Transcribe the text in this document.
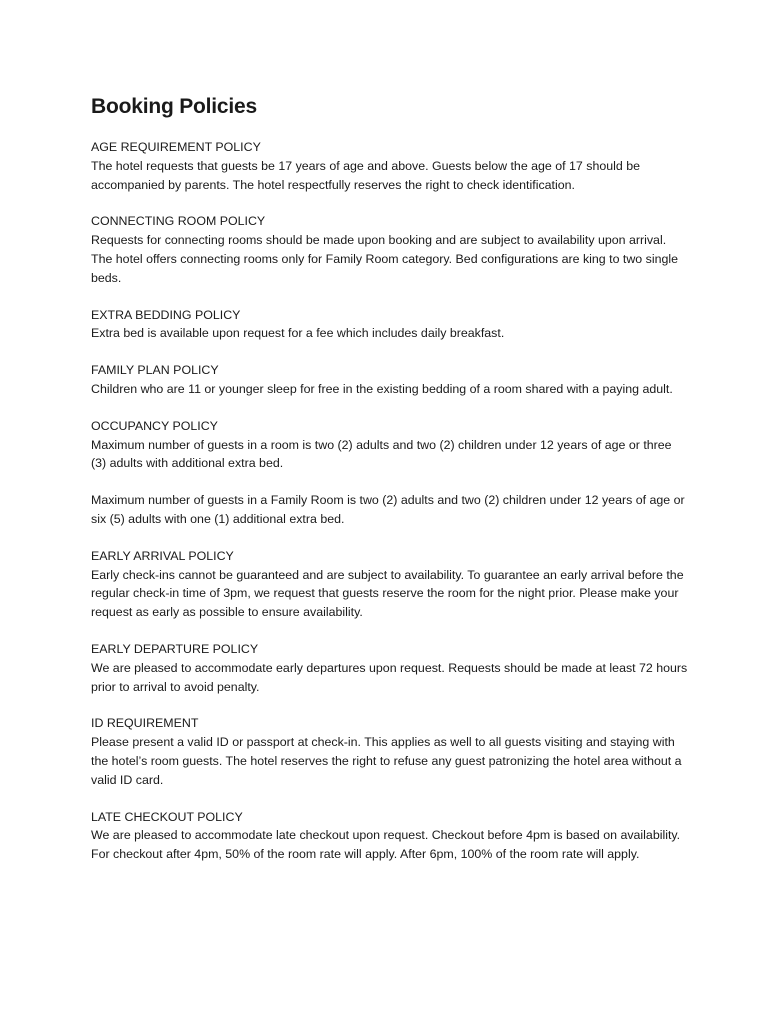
Booking Policies

AGE REQUIREMENT POLICY

The hotel requests that guests be 17 years of age and above. Guests below the age of 17 should be accompanied by parents. The hotel respectfully reserves the right to check identification.

CONNECTING ROOM POLICY

Requests for connecting rooms should be made upon booking and are subject to availability upon arrival. The hotel offers connecting rooms only for Family Room category. Bed configurations are king to two single beds.

EXTRA BEDDING POLICY

Extra bed is available upon request for a fee which includes daily breakfast.

FAMILY PLAN POLICY

Children who are 11 or younger sleep for free in the existing bedding of a room shared with a paying adult.

OCCUPANCY POLICY

Maximum number of guests in a room is two (2) adults and two (2) children under 12 years of age or three (3) adults with additional extra bed.

Maximum number of guests in a Family Room is two (2) adults and two (2) children under 12 years of age or six (5) adults with one (1) additional extra bed.

EARLY ARRIVAL POLICY

Early check-ins cannot be guaranteed and are subject to availability. To guarantee an early arrival before the regular check-in time of 3pm, we request that guests reserve the room for the night prior. Please make your request as early as possible to ensure availability.

EARLY DEPARTURE POLICY

We are pleased to accommodate early departures upon request. Requests should be made at least 72 hours prior to arrival to avoid penalty.

ID REQUIREMENT

Please present a valid ID or passport at check-in. This applies as well to all guests visiting and staying with the hotel’s room guests. The hotel reserves the right to refuse any guest patronizing the hotel area without a valid ID card.

LATE CHECKOUT POLICY

We are pleased to accommodate late checkout upon request. Checkout before 4pm is based on availability. For checkout after 4pm, 50% of the room rate will apply. After 6pm, 100% of the room rate will apply.
